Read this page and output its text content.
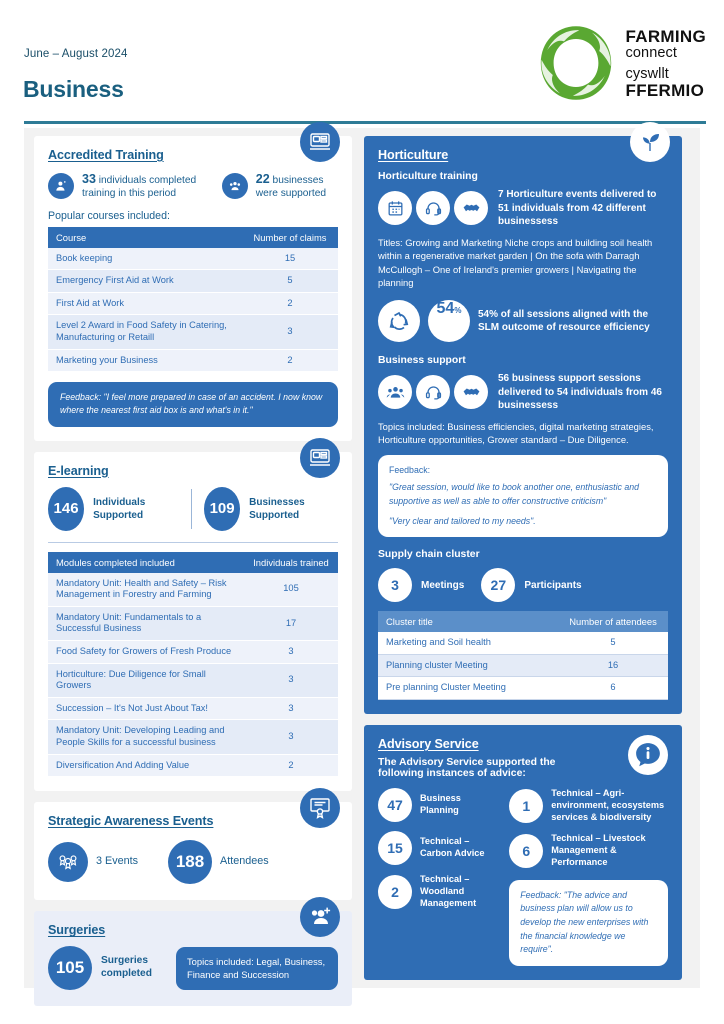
June – August 2024
Business
FARMING
connect
cyswllt
FFERMIO
Accredited Training
33 individuals completed training in this period
22 businesses were supported
Popular courses included:
Course	Number of claims
Book keeping	15
Emergency First Aid at Work	5
First Aid at Work	2
Level 2 Award in Food Safety in Catering, Manufacturing or Retaill	3
Marketing your Business	2
Feedback: "I feel more prepared in case of an accident. I now know where the nearest first aid box is and what's in it."
E-learning
146	Individuals Supported	109	Businesses Supported
Modules completed included	Individuals trained
Mandatory Unit: Health and Safety – Risk Management in Forestry and Farming	105
Mandatory Unit: Fundamentals to a Successful Business	17
Food Safety for Growers of Fresh Produce	3
Horticulture: Due Diligence for Small Growers	3
Succession – It's Not Just About Tax!	3
Mandatory Unit: Developing Leading and People Skills for a successful business	3
Diversification And Adding Value	2
Strategic Awareness Events
3 Events	188	Attendees
Surgeries
105	Surgeries completed
Topics included: Legal, Business, Finance and Succession
Horticulture
Horticulture training
7 Horticulture events delivered to 51 individuals from 42 different businessess
Titles: Growing and Marketing Niche crops and building soil health within a regenerative market garden | On the sofa with Darragh McCullogh – One of Ireland's premier growers | Navigating the planning
54 % 54% of all sessions aligned with the SLM outcome of resource efficiency
Business support
56 business support sessions delivered to 54 individuals from 46 businessess
Topics included: Business efficiencies, digital marketing strategies, Horticulture opportunities, Grower standard – Due Diligence.
Feedback:

"Great session, would like to book another one, enthusiastic and supportive as well as able to offer constructive criticism"

"Very clear and tailored to my needs".

Supply chain cluster
3	Meetings	27	Participants
Cluster title	Number of attendees
Marketing and Soil health	5
Planning cluster Meeting	16
Pre planning Cluster Meeting	6
Advisory Service
The Advisory Service supported the following instances of advice:
47	Business Planning
15	Technical – Carbon Advice
2
Technical – Woodland Management
1
Technical – Agri-environment, ecosystems services & biodiversity
6
Technical – Livestock Management & Performance
Feedback: "The advice and business plan will allow us to develop the new enterprises with the financial knowledge we require".
